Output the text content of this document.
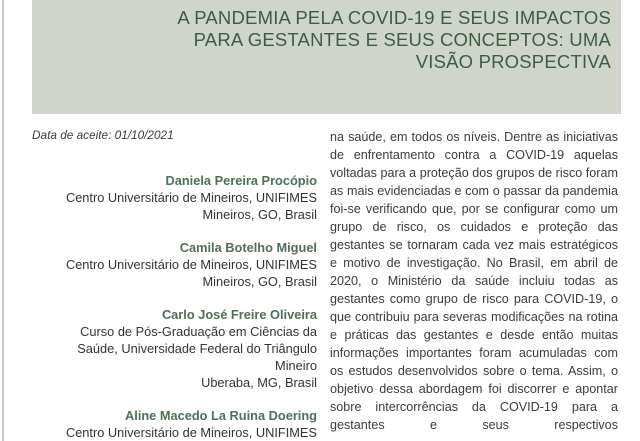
A PANDEMIA PELA COVID-19 E SEUS IMPACTOS
PARA GESTANTES E SEUS CONCEPTOS: UMA
VISÃO PROSPECTIVA
Data de aceite: 01/10/2021
Daniela Pereira Procópio
Centro Universitário de Mineiros, UNIFIMES
Mineiros, GO, Brasil
Camila Botelho Miguel
Centro Universitário de Mineiros, UNIFIMES
Mineiros, GO, Brasil
Carlo José Freire Oliveira
Curso de Pós-Graduação em Ciências da
Saúde, Universidade Federal do Triângulo
Mineiro
Uberaba, MG, Brasil
Aline Macedo La Ruina Doering
Centro Universitário de Mineiros, UNIFIMES

na saúde, em todos os níveis. Dentre as iniciativas de enfrentamento contra a COVID-19 aquelas voltadas para a proteção dos grupos de risco foram as mais evidenciadas e com o passar da pandemia foi-se verificando que, por se configurar como um grupo de risco, os cuidados e proteção das gestantes se tornaram cada vez mais estratégicos e motivo de investigação. No Brasil, em abril de 2020, o Ministério da saúde incluiu todas as gestantes como grupo de risco para COVID-19, o que contribuiu para severas modificações na rotina e práticas das gestantes e desde então muitas informações importantes foram acumuladas com os estudos desenvolvidos sobre o tema. Assim, o objetivo dessa abordagem foi discorrer e apontar sobre intercorrências da COVID-19 para a gestantes e seus respectivos
